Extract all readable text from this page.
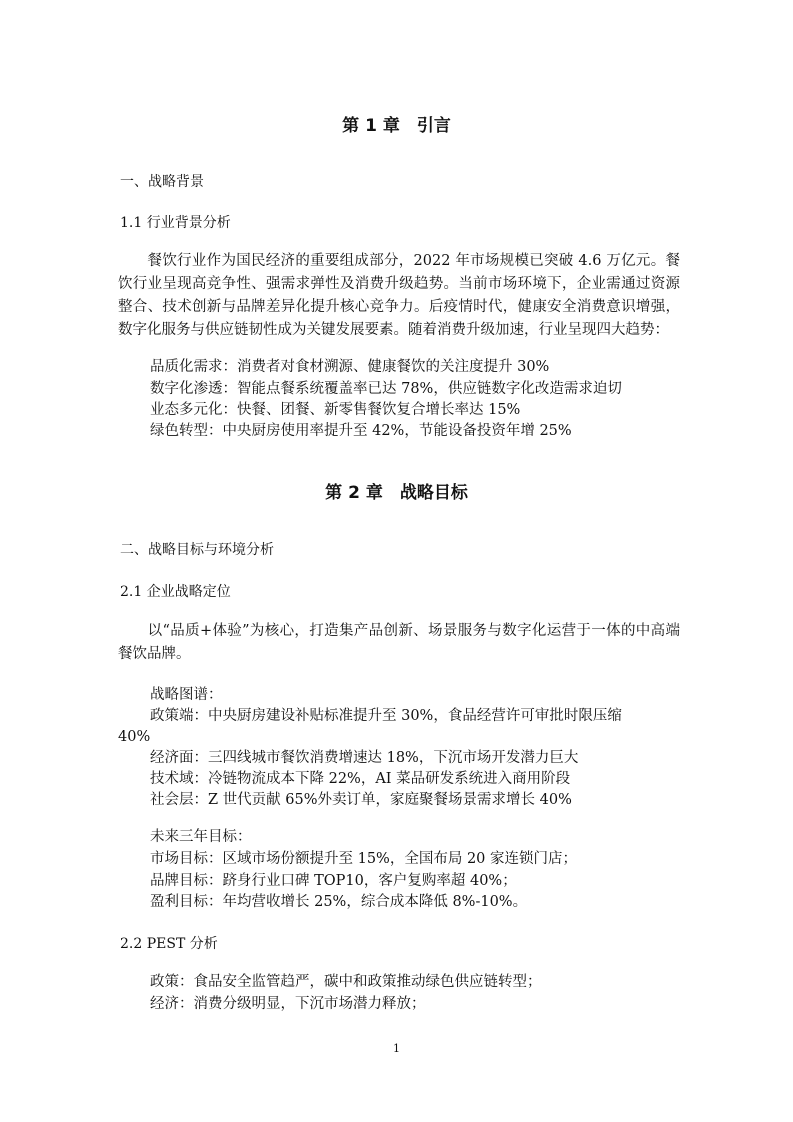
第 1 章　引言
一、战略背景
1.1 行业背景分析
　　餐饮行业作为国民经济的重要组成部分，2022 年市场规模已突破 4.6 万亿元。餐饮行业呈现高竞争性、强需求弹性及消费升级趋势。当前市场环境下，企业需通过资源整合、技术创新与品牌差异化提升核心竞争力。后疫情时代，健康安全消费意识增强，数字化服务与供应链韧性成为关键发展要素。随着消费升级加速，行业呈现四大趋势：
品质化需求：消费者对食材溯源、健康餐饮的关注度提升 30%
数字化渗透：智能点餐系统覆盖率已达 78%，供应链数字化改造需求迫切
业态多元化：快餐、团餐、新零售餐饮复合增长率达 15%
绿色转型：中央厨房使用率提升至 42%，节能设备投资年增 25%
第 2 章　战略目标
二、战略目标与环境分析
2.1 企业战略定位
　　以“品质+体验”为核心，打造集产品创新、场景服务与数字化运营于一体的中高端餐饮品牌。
战略图谱：
政策端：中央厨房建设补贴标准提升至 30%，食品经营许可审批时限压缩
40%
经济面：三四线城市餐饮消费增速达 18%，下沉市场开发潜力巨大
技术域：冷链物流成本下降 22%，AI 菜品研发系统进入商用阶段
社会层：Z 世代贡献 65%外卖订单，家庭聚餐场景需求增长 40%
未来三年目标：
市场目标：区域市场份额提升至 15%，全国布局 20 家连锁门店；
品牌目标：跻身行业口碑 TOP10，客户复购率超 40%；
盈利目标：年均营收增长 25%，综合成本降低 8%-10%。
2.2 PEST 分析
政策：食品安全监管趋严，碳中和政策推动绿色供应链转型；
经济：消费分级明显，下沉市场潜力释放；
1
